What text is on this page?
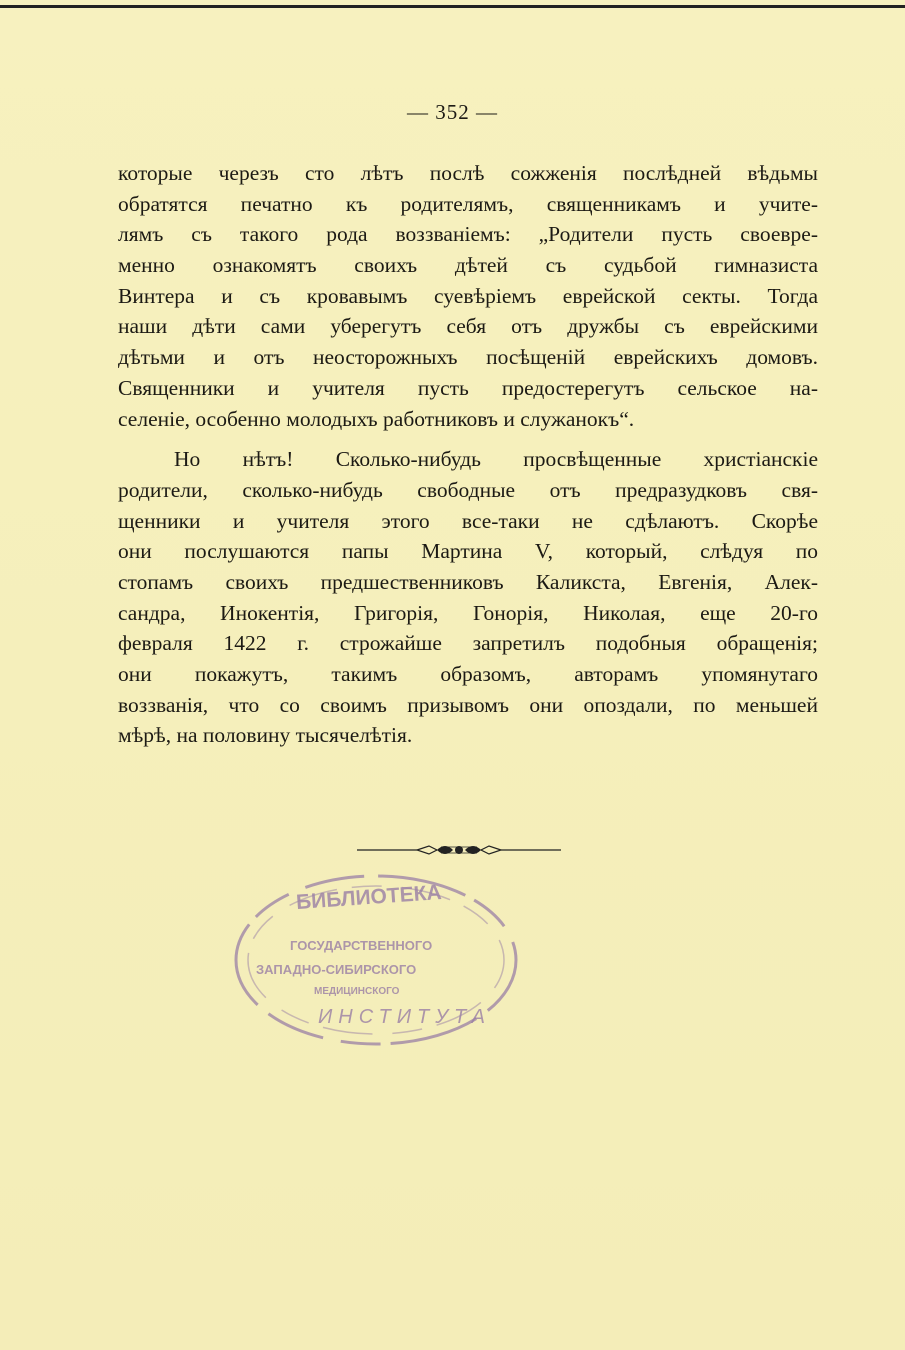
— 352 —
которые черезъ сто лѣтъ послѣ сожженія послѣдней вѣдьмы
обратятся печатно къ родителямъ, священникамъ и учите-
лямъ съ такого рода воззваніемъ: „Родители пусть своевре-
менно ознакомятъ своихъ дѣтей съ судьбой гимназиста
Винтера и съ кровавымъ суевѣріемъ еврейской секты. Тогда
наши дѣти сами уберегутъ себя отъ дружбы съ еврейскими
дѣтьми и отъ неосторожныхъ посѣщеній еврейскихъ домовъ.
Священники и учителя пусть предостерегутъ сельское на-
селеніе, особенно молодыхъ работниковъ и служанокъ“.
Но нѣтъ! Сколько-нибудь просвѣщенные христіанскіе
родители, сколько-нибудь свободные отъ предразудковъ свя-
щенники и учителя этого все-таки не сдѣлаютъ. Скорѣе
они послушаются папы Мартина V, который, слѣдуя по
стопамъ своихъ предшественниковъ Каликста, Евгенія, Алек-
сандра, Инокентія, Григорія, Гонорія, Николая, еще 20-го
февраля 1422 г. строжайше запретилъ подобныя обращенія;
они покажутъ, такимъ образомъ, авторамъ упомянутаго
воззванія, что со своимъ призывомъ они опоздали, по меньшей
мѣрѣ, на половину тысячелѣтія.
БИБЛИОТЕКА
ГОСУДАРСТВЕННОГО
ЗАПАДНО-СИБИРСКОГО
МЕДИЦИНСКОГО
ИНСТИТУТА
